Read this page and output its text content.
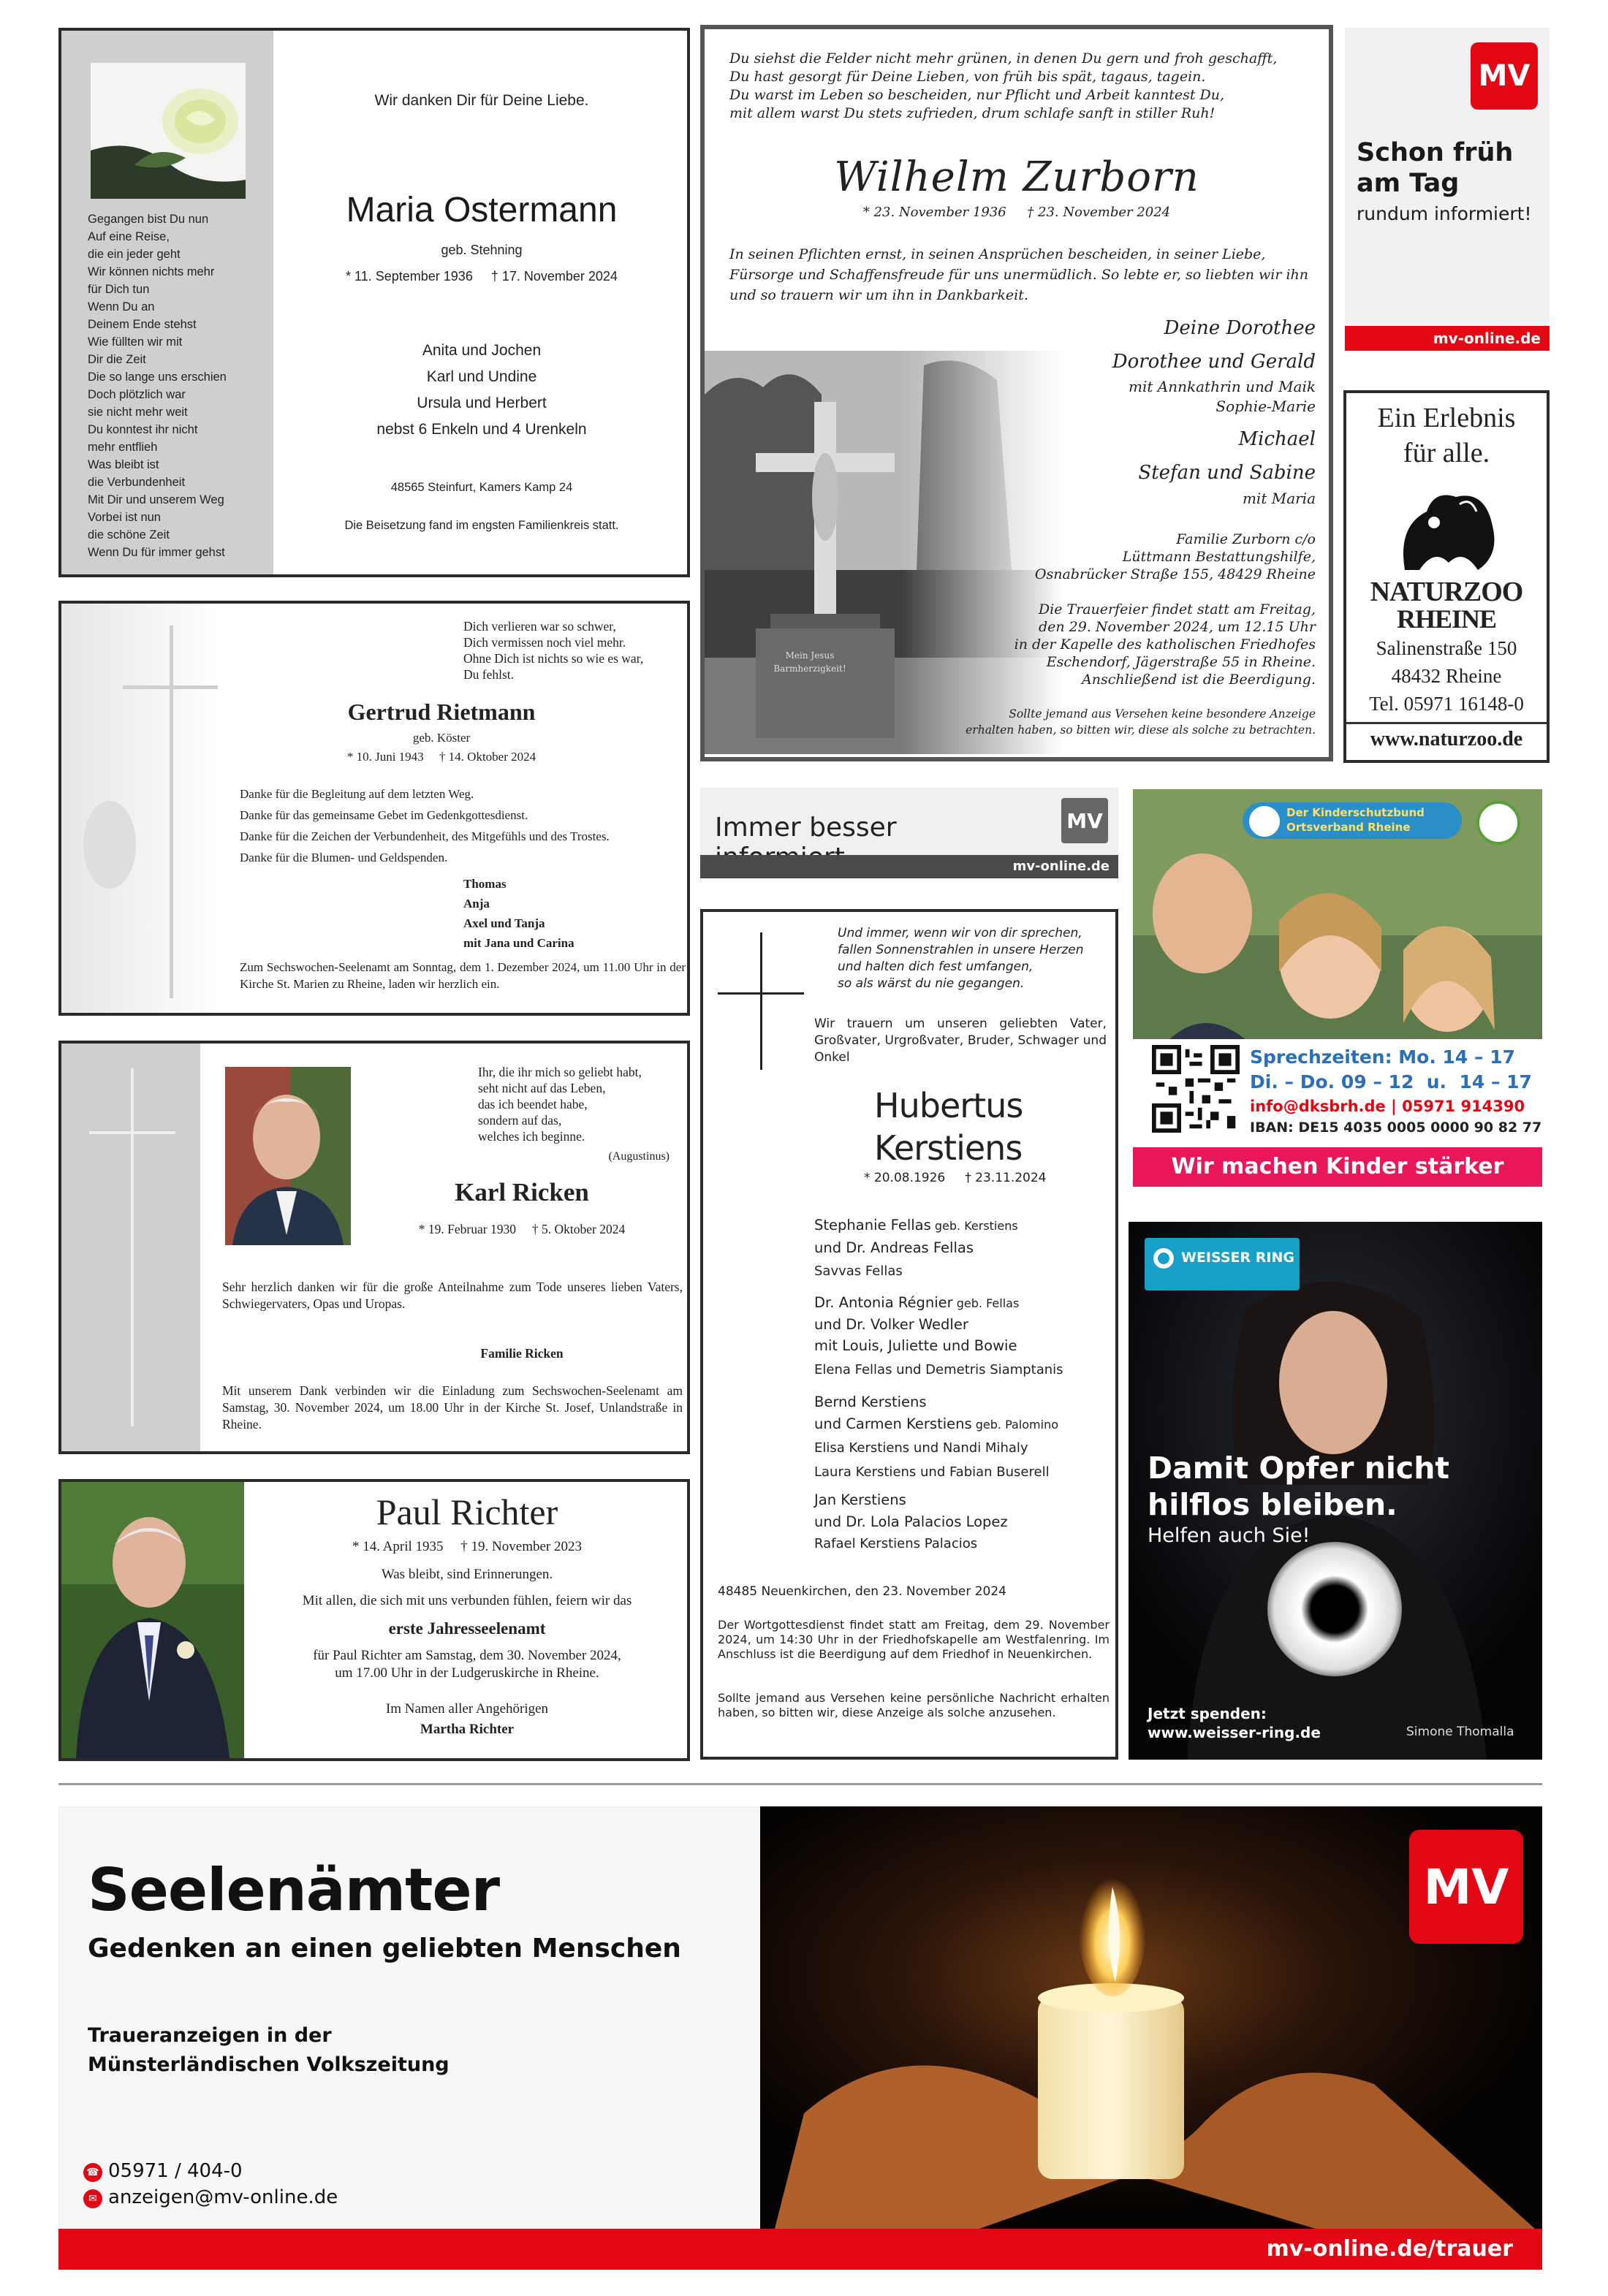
Gegangen bist Du nun
Auf eine Reise,
die ein jeder geht
Wir können nichts mehr
für Dich tun
Wenn Du an
Deinem Ende stehst
Wie füllten wir mit
Dir die Zeit
Die so lange uns erschien
Doch plötzlich war
sie nicht mehr weit
Du konntest ihr nicht
mehr entflieh
Was bleibt ist
die Verbundenheit
Mit Dir und unserem Weg
Vorbei ist nun
die schöne Zeit
Wenn Du für immer gehst
Wir danken Dir für Deine Liebe.
Maria Ostermann
geb. Stehning
* 11. September 1936     † 17. November 2024
Anita und Jochen
Karl und Undine
Ursula und Herbert
nebst 6 Enkeln und 4 Urenkeln
48565 Steinfurt, Kamers Kamp 24
Die Beisetzung fand im engsten Familienkreis statt.
Du siehst die Felder nicht mehr grünen, in denen Du gern und froh geschafft,
Du hast gesorgt für Deine Lieben, von früh bis spät, tagaus, tagein.
Du warst im Leben so bescheiden, nur Pflicht und Arbeit kanntest Du,
mit allem warst Du stets zufrieden, drum schlafe sanft in stiller Ruh!
Wilhelm Zurborn
* 23. November 1936     † 23. November 2024
In seinen Pflichten ernst, in seinen Ansprüchen bescheiden, in seiner Liebe, Fürsorge und Schaffensfreude für uns unermüdlich. So lebte er, so liebten wir ihn und so trauern wir um ihn in Dankbarkeit.
Mein Jesus
Barmherzigkeit!
Deine Dorothee
Dorothee und Gerald
mit Annkathrin und Maik
Sophie-Marie
Michael
Stefan und Sabine
mit Maria
Familie Zurborn c/o
Lüttmann Bestattungshilfe,
Osnabrücker Straße 155, 48429 Rheine
Die Trauerfeier findet statt am Freitag,
den 29. November 2024, um 12.15 Uhr
in der Kapelle des katholischen Friedhofes
Eschendorf, Jägerstraße 55 in Rheine.
Anschließend ist die Beerdigung.
Sollte jemand aus Versehen keine besondere Anzeige
erhalten haben, so bitten wir, diese als solche zu betrachten.
MV
Schon früh
am Tag
rundum informiert!
mv-online.de
Ein Erlebnis
für alle.
NATURZOO
RHEINE
Salinenstraße 150
48432 Rheine
Tel. 05971 16148-0
www.naturzoo.de
Dich verlieren war so schwer,
Dich vermissen noch viel mehr.
Ohne Dich ist nichts so wie es war,
Du fehlst.
Gertrud Rietmann
geb. Köster
* 10. Juni 1943     † 14. Oktober 2024
Danke für die Begleitung auf dem letzten Weg.
Danke für das gemeinsame Gebet im Gedenkgottesdienst.
Danke für die Zeichen der Verbundenheit, des Mitgefühls und des Trostes.
Danke für die Blumen- und Geldspenden.
Thomas
Anja
Axel und Tanja
mit Jana und Carina
Zum Sechswochen-Seelenamt am Sonntag, dem 1. Dezember 2024, um 11.00 Uhr in der Kirche St. Marien zu Rheine, laden wir herzlich ein.
Immer besser	MV
mv-online.de
Der Kinderschutzbund
Ortsverband Rheine
Sprechzeiten: Mo. 14 – 17
Di. – Do. 09 – 12  u.  14 – 17
info@dksbrh.de | 05971 914390
IBAN: DE15 4035 0005 0000 90 82 77
Wir machen Kinder stärker
Ihr, die ihr mich so geliebt habt,
seht nicht auf das Leben,
das ich beendet habe,
sondern auf das,
welches ich beginne.
(Augustinus)
Karl Ricken
* 19. Februar 1930     † 5. Oktober 2024
Sehr herzlich danken wir für die große Anteilnahme zum Tode unseres lieben Vaters, Schwiegervaters, Opas und Uropas.
Familie Ricken
Mit unserem Dank verbinden wir die Einladung zum Sechswochen-Seelenamt am Samstag, 30. November 2024, um 18.00 Uhr in der Kirche St. Josef, Unlandstraße in Rheine.
Und immer, wenn wir von dir sprechen,
fallen Sonnenstrahlen in unsere Herzen
und halten dich fest umfangen,
so als wärst du nie gegangen.
Wir trauern um unseren geliebten Vater, Großvater, Urgroßvater, Bruder, Schwager und Onkel
Hubertus
Kerstiens
* 20.08.1926     † 23.11.2024
Stephanie Fellas geb. Kerstiens
und Dr. Andreas Fellas
Savvas Fellas
Dr. Antonia Régnier geb. Fellas
und Dr. Volker Wedler
mit Louis, Juliette und Bowie
Elena Fellas und Demetris Siamptanis
Bernd Kerstiens
und Carmen Kerstiens geb. Palomino
Elisa Kerstiens und Nandi Mihaly
Laura Kerstiens und Fabian Buserell
Jan Kerstiens
und Dr. Lola Palacios Lopez
Rafael Kerstiens Palacios
48485 Neuenkirchen, den 23. November 2024
Der Wortgottesdienst findet statt am Freitag, dem 29. November 2024, um 14:30 Uhr in der Friedhofskapelle am Westfalenring. Im Anschluss ist die Beerdigung auf dem Friedhof in Neuenkirchen.
Sollte jemand aus Versehen keine persönliche Nachricht erhalten haben, so bitten wir, diese Anzeige als solche anzusehen.
WEISSER RING
Damit Opfer nicht
hilflos bleiben.
Helfen auch Sie!
Jetzt spenden:
www.weisser-ring.de	Simone Thomalla
Paul Richter
* 14. April 1935     † 19. November 2023
Was bleibt, sind Erinnerungen.
Mit allen, die sich mit uns verbunden fühlen, feiern wir das
erste Jahresseelenamt
für Paul Richter am Samstag, dem 30. November 2024,
um 17.00 Uhr in der Ludgeruskirche in Rheine.
Im Namen aller Angehörigen
Martha Richter
Seelenämter
Gedenken an einen geliebten Menschen
Traueranzeigen in der
Münsterländischen Volkszeitung
☎ 05971 / 404-0
✉ anzeigen@mv-online.de
MV
mv-online.de/trauer
